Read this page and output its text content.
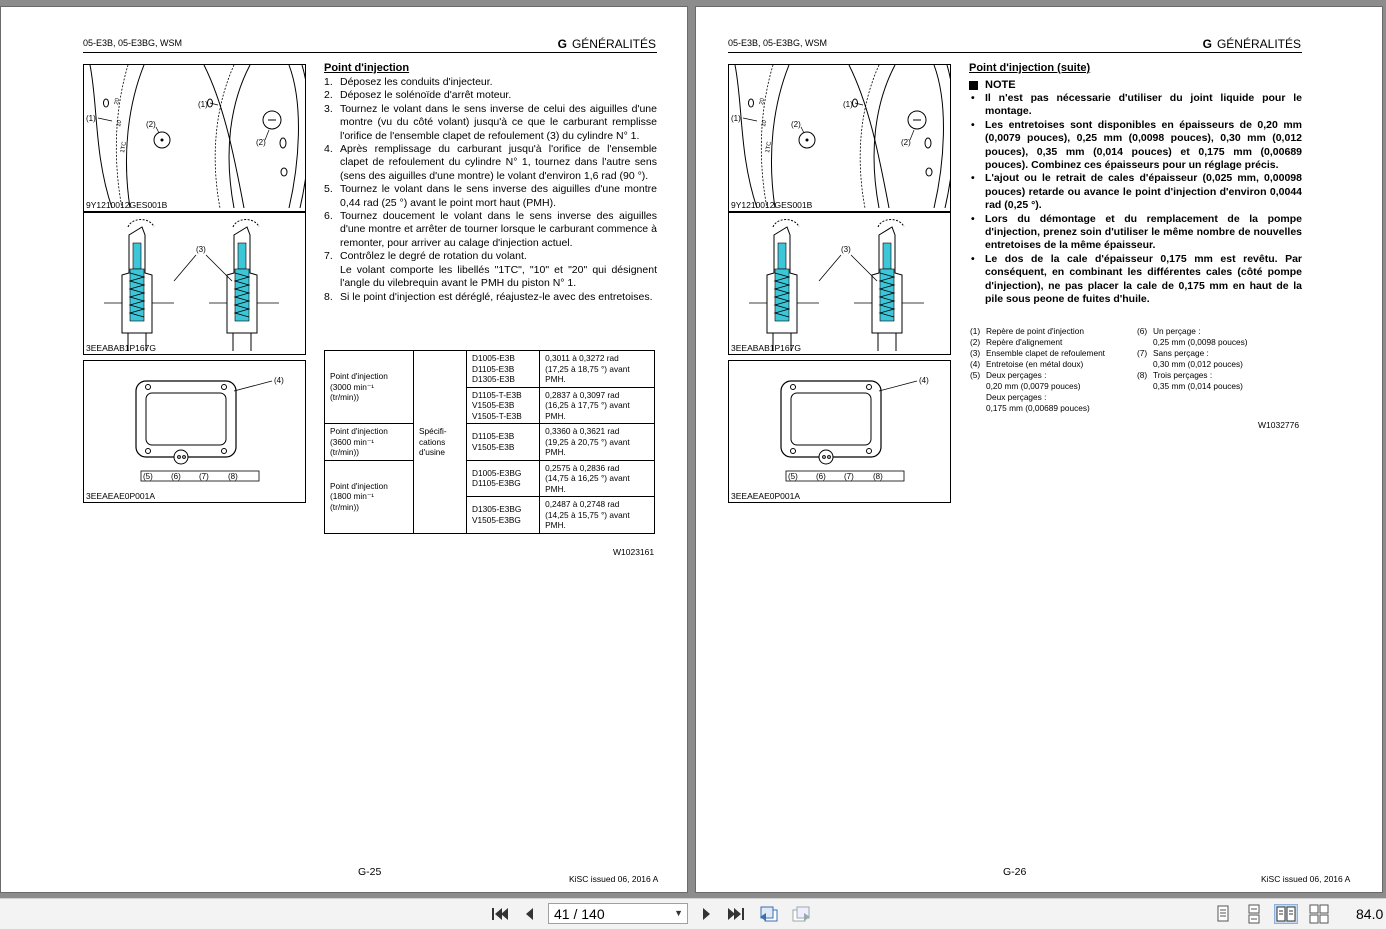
05-E3B, 05-E3BG, WSM	G GÉNÉRALITÉS
(1)
(2)
(1)
(2)
1TC
10
20
9Y1210012GES001B
(3)
3EEABAB1P167G
(4)
(5) (6) (7) (8)
3EEAEAE0P001A
Point d'injection
1. Déposez les conduits d'injecteur.
2. Déposez le solénoïde d'arrêt moteur.
3. Tournez le volant dans le sens inverse de celui des aiguilles d'une montre (vu du côté volant) jusqu'à ce que le carburant remplisse l'orifice de l'ensemble clapet de refoulement (3) du cylindre N° 1.
4. Après remplissage du carburant jusqu'à l'orifice de l'ensemble clapet de refoulement du cylindre N° 1, tournez dans l'autre sens (sens des aiguilles d'une montre) le volant d'environ 1,6 rad (90 °).
5. Tournez le volant dans le sens inverse des aiguilles d'une montre 0,44 rad (25 °) avant le point mort haut (PMH).
6. Tournez doucement le volant dans le sens inverse des aiguilles d'une montre et arrêter de tourner lorsque le carburant commence à remonter, pour arriver au calage d'injection actuel.
7. Contrôlez le degré de rotation du volant.
Le volant comporte les libellés "1TC", "10" et "20" qui désignent l'angle du vilebrequin avant le PMH du piston N° 1.
8. Si le point d'injection est déréglé, réajustez-le avec des entretoises.
Point d'injection
(3000 min⁻¹
(tr/min))	Spécifi-
cations
d'usine	D1005-E3B
D1105-E3B
D1305-E3B	0,3011 à 0,3272 rad
(17,25 à 18,75 °) avant
PMH.
		D1105-T-E3B
V1505-E3B
V1505-T-E3B	0,2837 à 0,3097 rad
(16,25 à 17,75 °) avant
PMH.
Point d'injection
(3600 min⁻¹
(tr/min))		D1105-E3B
V1505-E3B	0,3360 à 0,3621 rad
(19,25 à 20,75 °) avant
PMH.
Point d'injection
(1800 min⁻¹
(tr/min))		D1005-E3BG
D1105-E3BG	0,2575 à 0,2836 rad
(14,75 à 16,25 °) avant
PMH.
		D1305-E3BG
V1505-E3BG	0,2487 à 0,2748 rad
(14,25 à 15,75 °) avant
PMH.
W1023161
G-25
KiSC issued 06, 2016 A
05-E3B, 05-E3BG, WSM	G GÉNÉRALITÉS
(1)
(2)
(1)
(2)
1TC
10
20
9Y1210012GES001B
(3)
3EEABAB1P167G
(4)
(5) (6) (7) (8)
3EEAEAE0P001A
Point d'injection (suite)
NOTE
• Il n'est pas nécessarie d'utiliser du joint liquide pour le montage.
• Les entretoises sont disponibles en épaisseurs de 0,20 mm (0,0079 pouces), 0,25 mm (0,0098 pouces), 0,30 mm (0,012 pouces), 0,35 mm (0,014 pouces) et 0,175 mm (0,00689 pouces). Combinez ces épaisseurs pour un réglage précis.
• L'ajout ou le retrait de cales d'épaisseur (0,025 mm, 0,00098 pouces) retarde ou avance le point d'injection d'environ 0,0044 rad (0,25 °).
• Lors du démontage et du remplacement de la pompe d'injection, prenez soin d'utiliser le même nombre de nouvelles entretoises de la même épaisseur.
• Le dos de la cale d'épaisseur 0,175 mm est revêtu. Par conséquent, en combinant les différentes cales (côté pompe d'injection), ne pas placer la cale de 0,175 mm en haut de la pile sous peone de fuites d'huile.
(1) Repère de point d'injection
(2) Repère d'alignement
(3) Ensemble clapet de refoulement
(4) Entretoise (en métal doux)
(5) Deux perçages :
0,20 mm (0,0079 pouces)
Deux perçages :
0,175 mm (0,00689 pouces)
(6) Un perçage :
0,25 mm (0,0098 pouces)
(7) Sans perçage :
0,30 mm (0,012 pouces)
(8) Trois perçages :
0,35 mm (0,014 pouces)
W1032776
G-26
KiSC issued 06, 2016 A
41 / 140	▼	84.0
